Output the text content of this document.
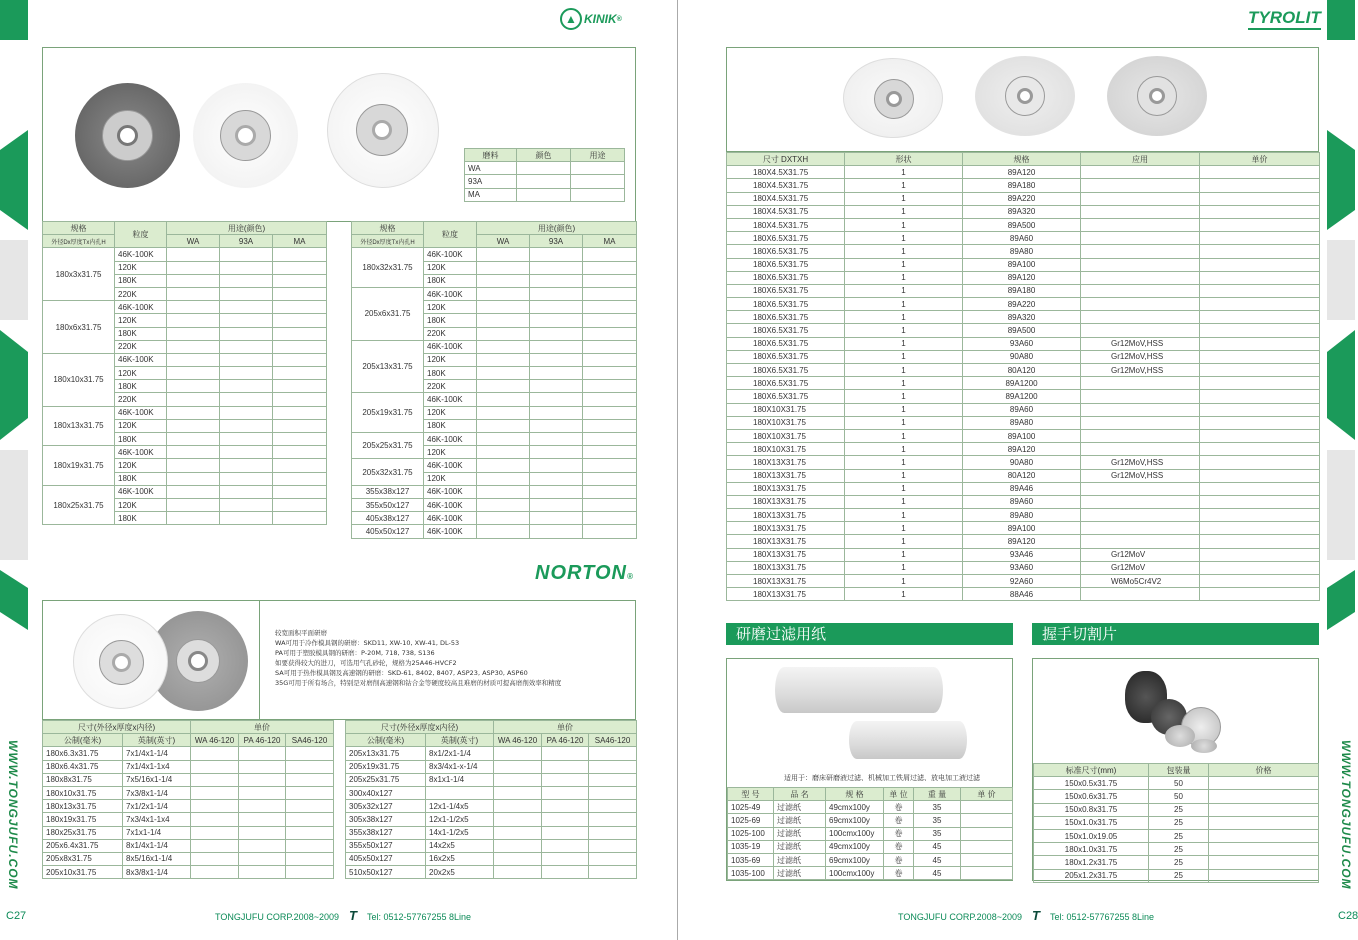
WWW.TONGJUFU.COM
C27
▲ KINIK ®
磨料	颜色	用途
WA		
93A		
MA		
规格	粒度	用途(颜色)		
外径Dx厚度Tx内孔H		WA	93A	MA
180x3x31.75	46K-100K			
	120K			
	180K			
	220K			
180x6x31.75	46K-100K			
	120K			
	180K			
	220K			
180x10x31.75	46K-100K			
	120K			
	180K			
	220K			
180x13x31.75	46K-100K			
	120K			
	180K			
180x19x31.75	46K-100K			
	120K			
	180K			
180x25x31.75	46K-100K			
	120K			
	180K			
规格	粒度	用途(颜色)		
外径Dx厚度Tx内孔H		WA	93A	MA
180x32x31.75	46K-100K			
	120K			
	180K			
205x6x31.75	46K-100K			
	120K			
	180K			
	220K			
205x13x31.75	46K-100K			
	120K			
	180K			
	220K			
205x19x31.75	46K-100K			
	120K			
	180K			
205x25x31.75	46K-100K			
	120K			
205x32x31.75	46K-100K			
	120K			
355x38x127	46K-100K			
355x50x127	46K-100K			
405x38x127	46K-100K			
405x50x127	46K-100K			
NORTON®
较宽面积平面研磨
WA可用于冷作模具钢的研磨：SKD11, XW-10, XW-41, DL-53
PA可用于塑胶模具钢的研磨：P-20M, 718, 738, S136
如要获得较大的进刀，可选用气孔砂轮，规格为25A46-HVCF2
SA可用于热作模具钢及高速钢的研磨：SKD-61, 8402, 8407, ASP23, ASP30, ASP60
35G可用于所有场合，特别是对磨削高速钢和钴合金等硬度较高且难磨的材质可提高磨削效率和精度
尺寸(外径x厚度x内径)		单价		
公制(毫米)	英制(英寸)	WA 46-120	PA 46-120	SA46-120
180x6.3x31.75	7x1/4x1-1/4			
180x6.4x31.75	7x1/4x1-1x4			
180x8x31.75	7x5/16x1-1/4			
180x10x31.75	7x3/8x1-1/4			
180x13x31.75	7x1/2x1-1/4			
180x19x31.75	7x3/4x1-1x4			
180x25x31.75	7x1x1-1/4			
205x6.4x31.75	8x1/4x1-1/4			
205x8x31.75	8x5/16x1-1/4			
205x10x31.75	8x3/8x1-1/4			
尺寸(外径x厚度x内径)		单价		
公制(毫米)	英制(英寸)	WA 46-120	PA 46-120	SA46-120
205x13x31.75	8x1/2x1-1/4			
205x19x31.75	8x3/4x1-x-1/4			
205x25x31.75	8x1x1-1/4			
300x40x127				
305x32x127	12x1-1/4x5			
305x38x127	12x1-1/2x5			
355x38x127	14x1-1/2x5			
355x50x127	14x2x5			
405x50x127	16x2x5			
510x50x127	20x2x5			
TONGJUFU CORP.2008~2009 T Tel: 0512-57767255 8Line
WWW.TONGJUFU.COM
C28
TYROLIT
尺寸 DXTXH	形状	规格	应用	单价
180X4.5X31.75	1	89A120		
180X4.5X31.75	1	89A180		
180X4.5X31.75	1	89A220		
180X4.5X31.75	1	89A320		
180X4.5X31.75	1	89A500		
180X6.5X31.75	1	89A60		
180X6.5X31.75	1	89A80		
180X6.5X31.75	1	89A100		
180X6.5X31.75	1	89A120		
180X6.5X31.75	1	89A180		
180X6.5X31.75	1	89A220		
180X6.5X31.75	1	89A320		
180X6.5X31.75	1	89A500		
180X6.5X31.75	1	93A60	Gr12MoV,HSS	
180X6.5X31.75	1	90A80	Gr12MoV,HSS	
180X6.5X31.75	1	80A120	Gr12MoV,HSS	
180X6.5X31.75	1	89A1200		
180X6.5X31.75	1	89A1200		
180X10X31.75	1	89A60		
180X10X31.75	1	89A80		
180X10X31.75	1	89A100		
180X10X31.75	1	89A120		
180X13X31.75	1	90A80	Gr12MoV,HSS	
180X13X31.75	1	80A120	Gr12MoV,HSS	
180X13X31.75	1	89A46		
180X13X31.75	1	89A60		
180X13X31.75	1	89A80		
180X13X31.75	1	89A100		
180X13X31.75	1	89A120		
180X13X31.75	1	93A46	Gr12MoV	
180X13X31.75	1	93A60	Gr12MoV	
180X13X31.75	1	92A60	W6Mo5Cr4V2	
180X13X31.75	1	88A46		
研磨过滤用纸	握手切割片
适用于：磨床研磨液过滤、机械加工铁屑过滤、放电加工液过滤
型 号	品 名	规 格	单 位	重 量	单 价
1025-49	过滤纸	49cmx100y	卷	35	
1025-69	过滤纸	69cmx100y	卷	35	
1025-100	过滤纸	100cmx100y	卷	35	
1035-19	过滤纸	49cmx100y	卷	45	
1035-69	过滤纸	69cmx100y	卷	45	
1035-100	过滤纸	100cmx100y	卷	45	
标准尺寸(mm)	包装量	价格
150x0.5x31.75	50	
150x0.6x31.75	50	
150x0.8x31.75	25	
150x1.0x31.75	25	
150x1.0x19.05	25	
180x1.0x31.75	25	
180x1.2x31.75	25	
205x1.2x31.75	25	
TONGJUFU CORP.2008~2009 T Tel: 0512-57767255 8Line
